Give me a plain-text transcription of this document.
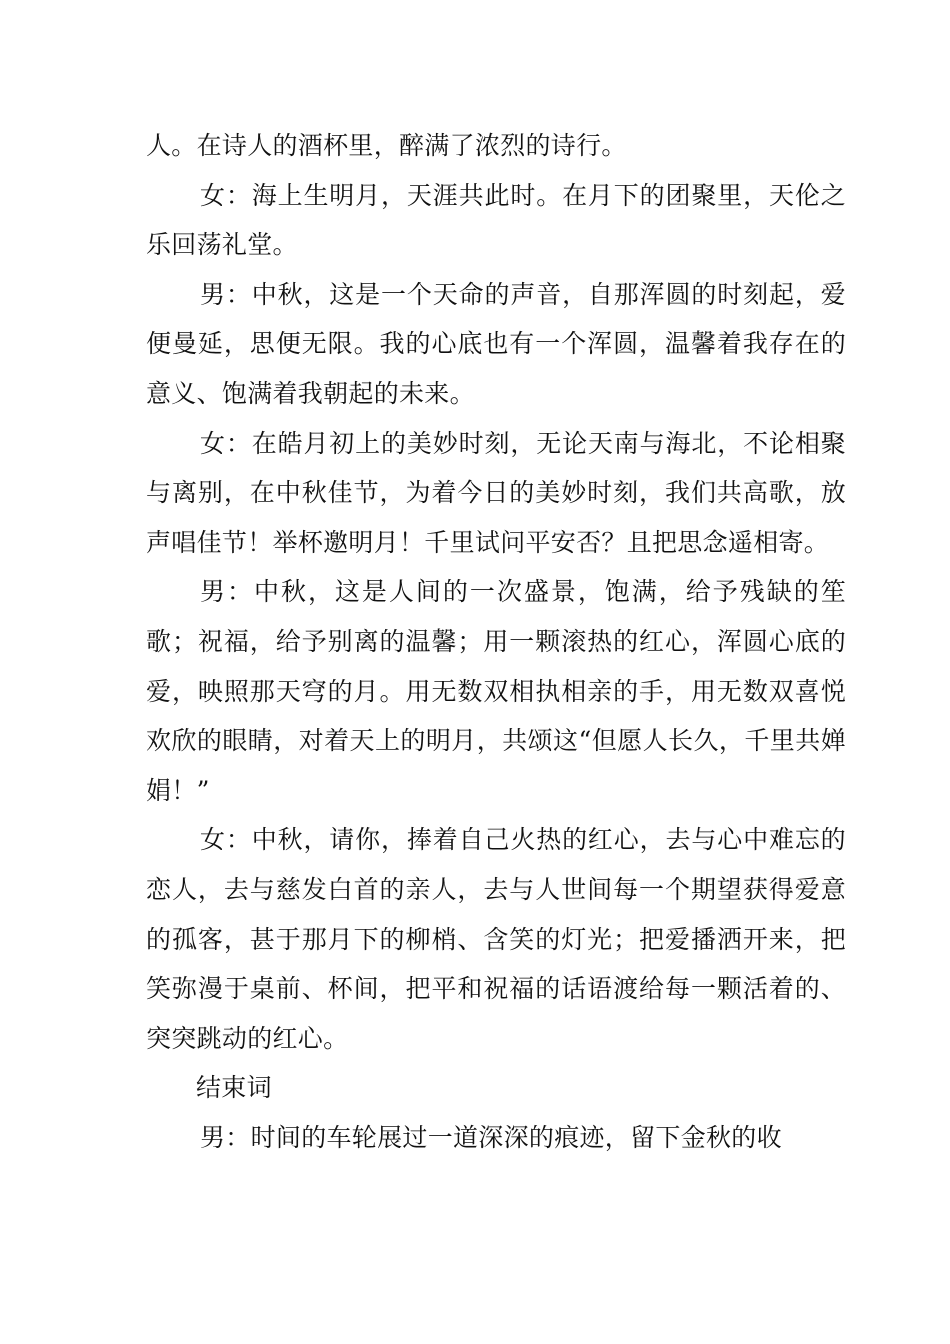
人。在诗人的酒杯里，醉满了浓烈的诗行。

女：海上生明月，天涯共此时。在月下的团聚里，天伦之乐回荡礼堂。

男：中秋，这是一个天命的声音，自那浑圆的时刻起，爱便曼延，思便无限。我的心底也有一个浑圆，温馨着我存在的意义、饱满着我朝起的未来。

女：在皓月初上的美妙时刻，无论天南与海北，不论相聚与离别，在中秋佳节，为着今日的美妙时刻，我们共高歌，放声唱佳节！举杯邀明月！千里试问平安否？且把思念遥相寄。

男：中秋，这是人间的一次盛景，饱满，给予残缺的笙歌；祝福，给予别离的温馨；用一颗滚热的红心，浑圆心底的爱，映照那天穹的月。用无数双相执相亲的手，用无数双喜悦欢欣的眼睛，对着天上的明月，共颂这“但愿人长久，千里共婵娟！”

女：中秋，请你，捧着自己火热的红心，去与心中难忘的恋人，去与慈发白首的亲人，去与人世间每一个期望获得爱意的孤客，甚于那月下的柳梢、含笑的灯光；把爱播洒开来，把笑弥漫于桌前、杯间，把平和祝福的话语渡给每一颗活着的、突突跳动的红心。

结束词

男：时间的车轮展过一道深深的痕迹，留下金秋的收
